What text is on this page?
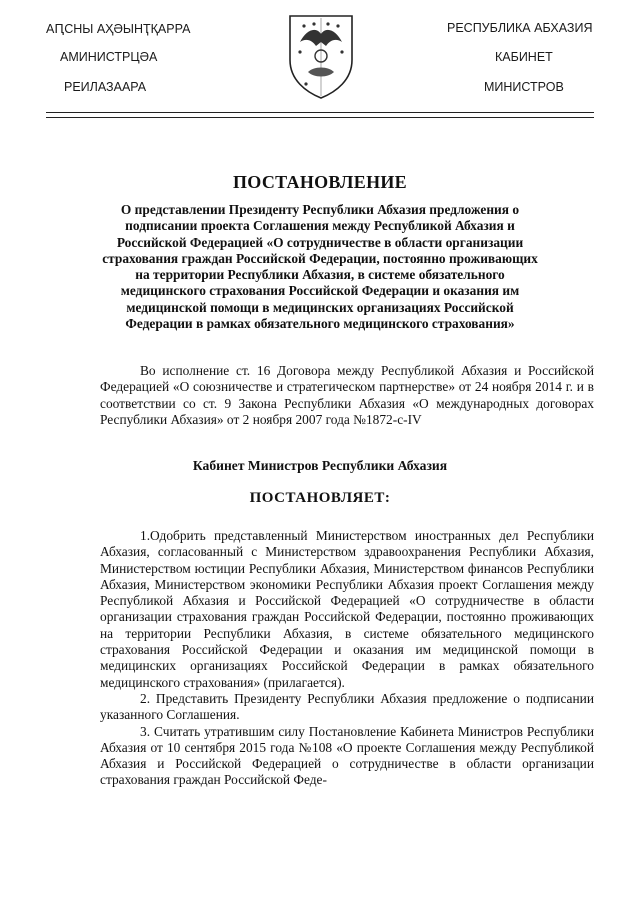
АԤСНЫ АҲӘЫНҬҚАРРА
АМИНИСТРЦӘА
РЕИЛАЗААРА
РЕСПУБЛИКА АБХАЗИЯ
КАБИНЕТ
МИНИСТРОВ
ПОСТАНОВЛЕНИЕ
О представлении Президенту Республики Абхазия предложения о подписании проекта Соглашения между Республикой Абхазия и Российской Федерацией «О сотрудничестве в области организации страхования граждан Российской Федерации, постоянно проживающих на территории Республики Абхазия, в системе обязательного медицинского страхования Российской Федерации и оказания им медицинской помощи в медицинских организациях Российской Федерации в рамках обязательного медицинского страхования»

Во исполнение ст. 16 Договора между Республикой Абхазия и Российской Федерацией «О союзничестве и стратегическом партнерстве» от 24 ноября 2014 г. и в соответствии со ст. 9 Закона Республики Абхазия «О международных договорах Республики Абхазия» от 2 ноября 2007 года №1872-с-IV

Кабинет Министров Республики Абхазия
ПОСТАНОВЛЯЕТ:

1.Одобрить представленный Министерством иностранных дел Республики Абхазия, согласованный с Министерством здравоохранения Республики Абхазия, Министерством юстиции Республики Абхазия, Министерством финансов Республики Абхазия, Министерством экономики Республики Абхазия проект Соглашения между Республикой Абхазия и Российской Федерацией «О сотрудничестве в области организации страхования граждан Российской Федерации, постоянно проживающих на территории Республики Абхазия, в системе обязательного медицинского страхования Российской Федерации и оказания им медицинской помощи в медицинских организациях Российской Федерации в рамках обязательного медицинского страхования» (прилагается).

2. Представить Президенту Республики Абхазия предложение о подписании указанного Соглашения.

3. Считать утратившим силу Постановление Кабинета Министров Республики Абхазия от 10 сентября 2015 года №108 «О проекте Соглашения между Республикой Абхазия и Российской Федерацией о сотрудничестве в области организации страхования граждан Российской Феде-
